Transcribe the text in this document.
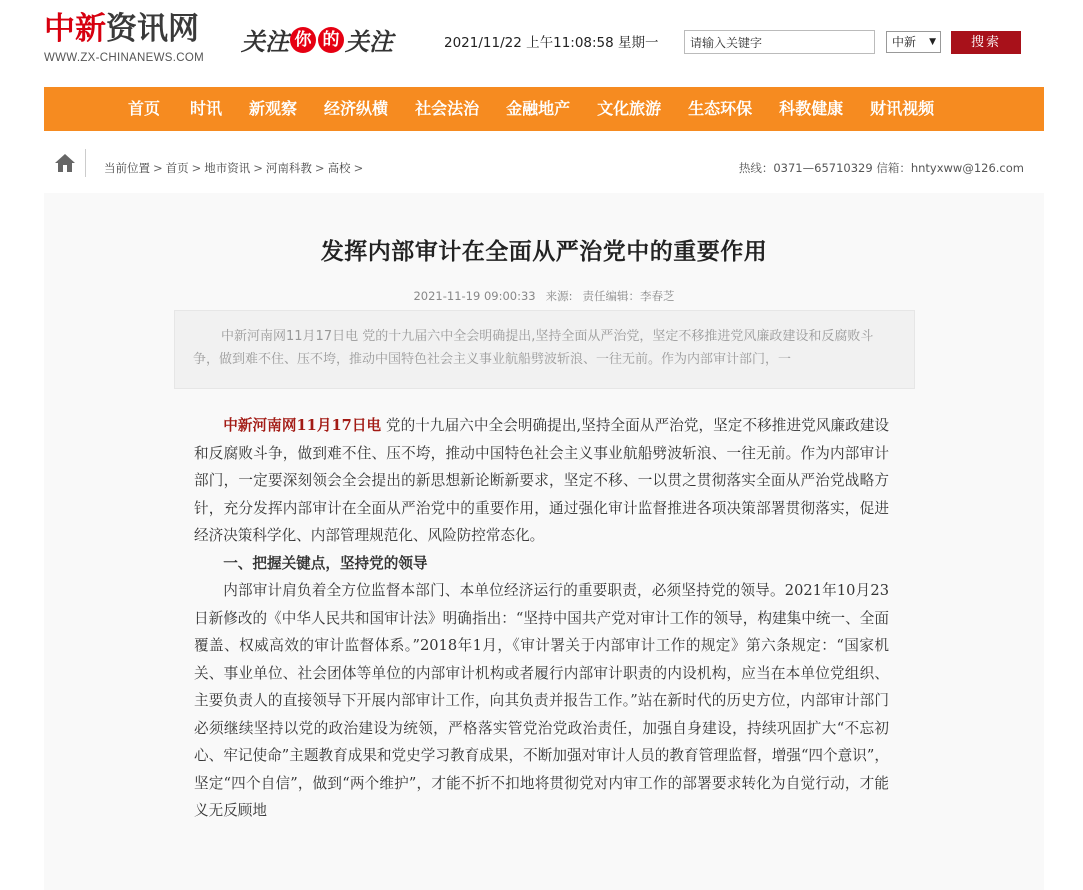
中新资讯网
WWW.ZX-CHINANEWS.COM
关注 你 的 关注	2021/11/22 上午11:08:58 星期一
请输入关键字	中新 ▼	搜索
首页 时讯 新观察 经济纵横 社会法治 金融地产 文化旅游 生态环保 科教健康 财讯视频
当前位置 > 首页 > 地市资讯 > 河南科教 > 高校 >	热线：0371—65710329 信箱：hntyxww@126.com
发挥内部审计在全面从严治党中的重要作用
2021-11-19 09:00:33 来源: 责任编辑：李春芝
中新河南网11月17日电 党的十九届六中全会明确提出,坚持全面从严治党，坚定不移推进党风廉政建设和反腐败斗争，做到难不住、压不垮，推动中国特色社会主义事业航船劈波斩浪、一往无前。作为内部审计部门，一

中新河南网11月17日电 党的十九届六中全会明确提出,坚持全面从严治党，坚定不移推进党风廉政建设和反腐败斗争，做到难不住、压不垮，推动中国特色社会主义事业航船劈波斩浪、一往无前。作为内部审计部门，一定要深刻领会全会提出的新思想新论断新要求，坚定不移、一以贯之贯彻落实全面从严治党战略方针，充分发挥内部审计在全面从严治党中的重要作用，通过强化审计监督推进各项决策部署贯彻落实，促进经济决策科学化、内部管理规范化、风险防控常态化。

一、把握关键点，坚持党的领导

内部审计肩负着全方位监督本部门、本单位经济运行的重要职责，必须坚持党的领导。2021年10月23日新修改的《中华人民共和国审计法》明确指出：“坚持中国共产党对审计工作的领导，构建集中统一、全面覆盖、权威高效的审计监督体系。”2018年1月，《审计署关于内部审计工作的规定》第六条规定：“国家机关、事业单位、社会团体等单位的内部审计机构或者履行内部审计职责的内设机构，应当在本单位党组织、主要负责人的直接领导下开展内部审计工作，向其负责并报告工作。”站在新时代的历史方位，内部审计部门必须继续坚持以党的政治建设为统领，严格落实管党治党政治责任，加强自身建设，持续巩固扩大“不忘初心、牢记使命”主题教育成果和党史学习教育成果，不断加强对审计人员的教育管理监督，增强“四个意识”，坚定“四个自信”，做到“两个维护”，才能不折不扣地将贯彻党对内审工作的部署要求转化为自觉行动，才能义无反顾地
